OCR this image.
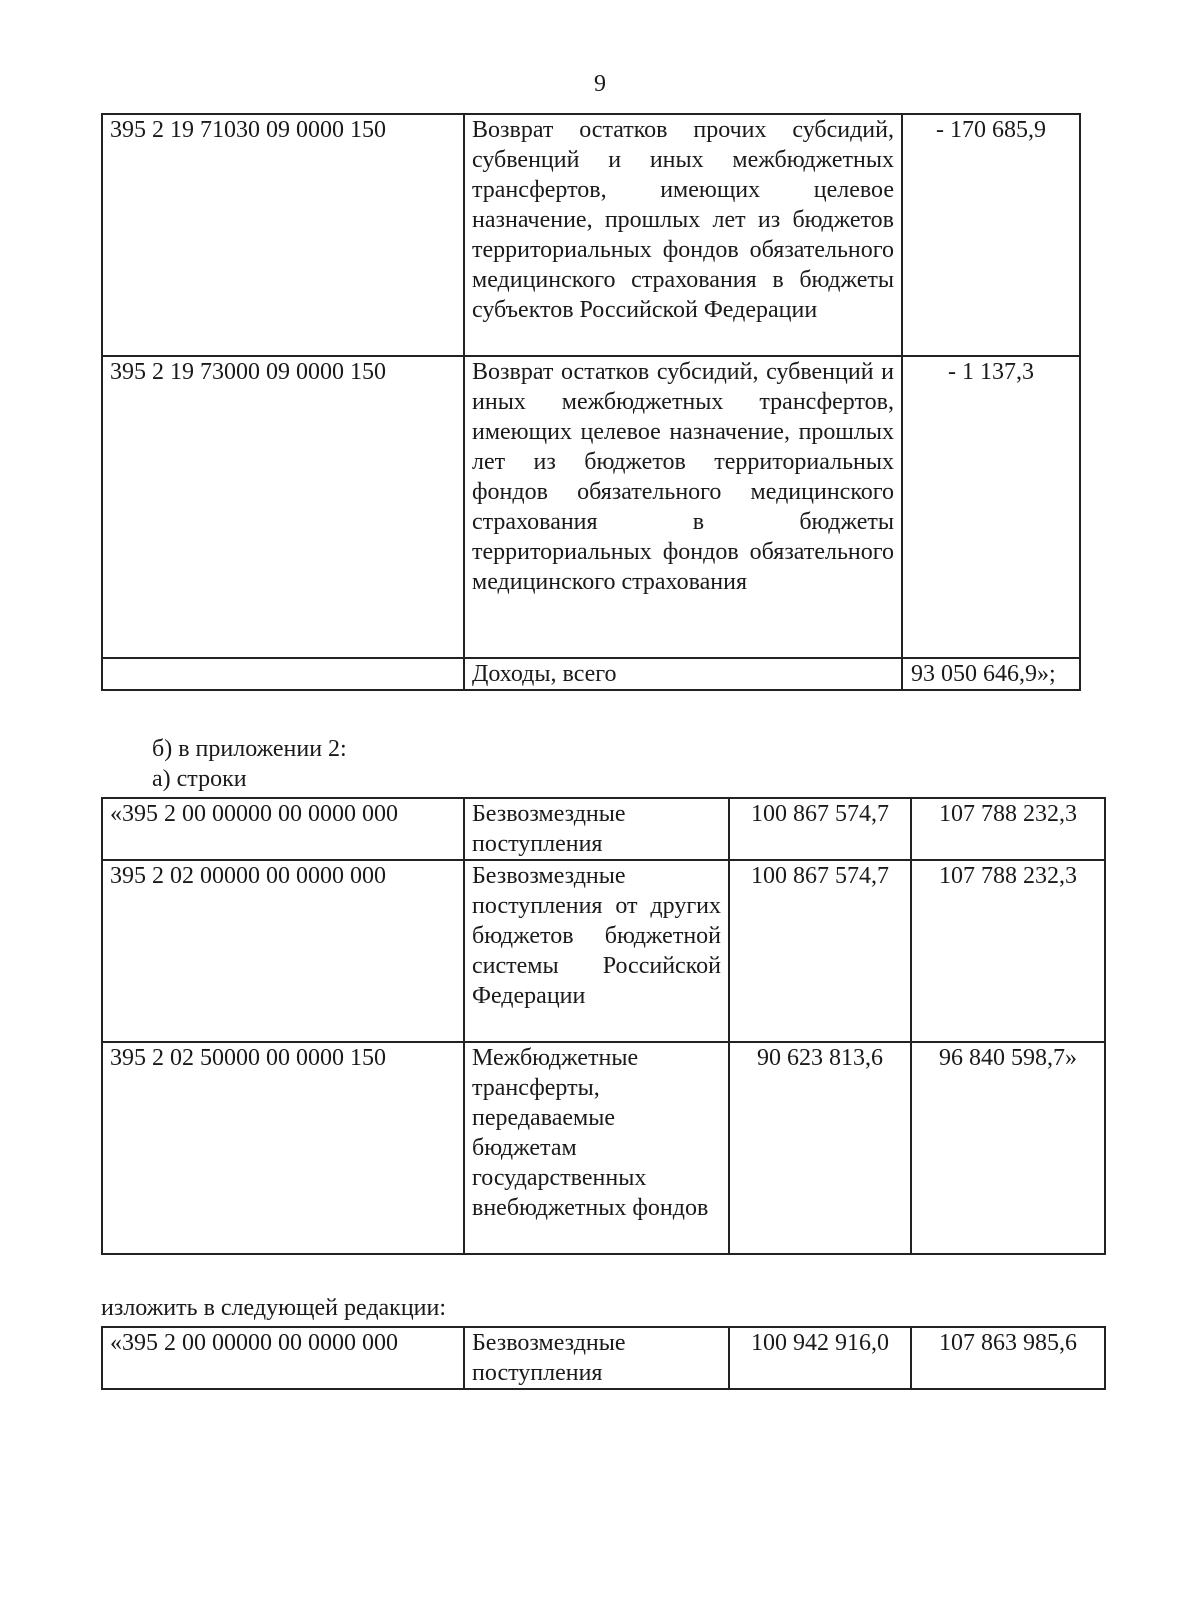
9
395 2 19 71030 09 0000 150	Возврат остатков прочих субсидий, субвенций и иных межбюджетных трансфертов, имеющих целевое назначение, прошлых лет из бюджетов территориальных фондов обязательного медицинского страхования в бюджеты субъектов Российской Федерации	- 170 685,9
395 2 19 73000 09 0000 150	Возврат остатков субсидий, субвенций и иных межбюджетных трансфертов, имеющих целевое назначение, прошлых лет из бюджетов территориальных фондов обязательного медицинского страхования в бюджеты территориальных фондов обязательного медицинского страхования	- 1 137,3
	Доходы, всего	93 050 646,9»;
б) в приложении 2:
а) строки
«395 2 00 00000 00 0000 000	Безвозмездные поступления	100 867 574,7	107 788 232,3
395 2 02 00000 00 0000 000	Безвозмездные поступления от других бюджетов бюджетной системы Российской Федерации	100 867 574,7	107 788 232,3
395 2 02 50000 00 0000 150	Межбюджетные трансферты, передаваемые бюджетам государственных внебюджетных фондов	90 623 813,6	96 840 598,7»
изложить в следующей редакции:
«395 2 00 00000 00 0000 000	Безвозмездные поступления	100 942 916,0	107 863 985,6
